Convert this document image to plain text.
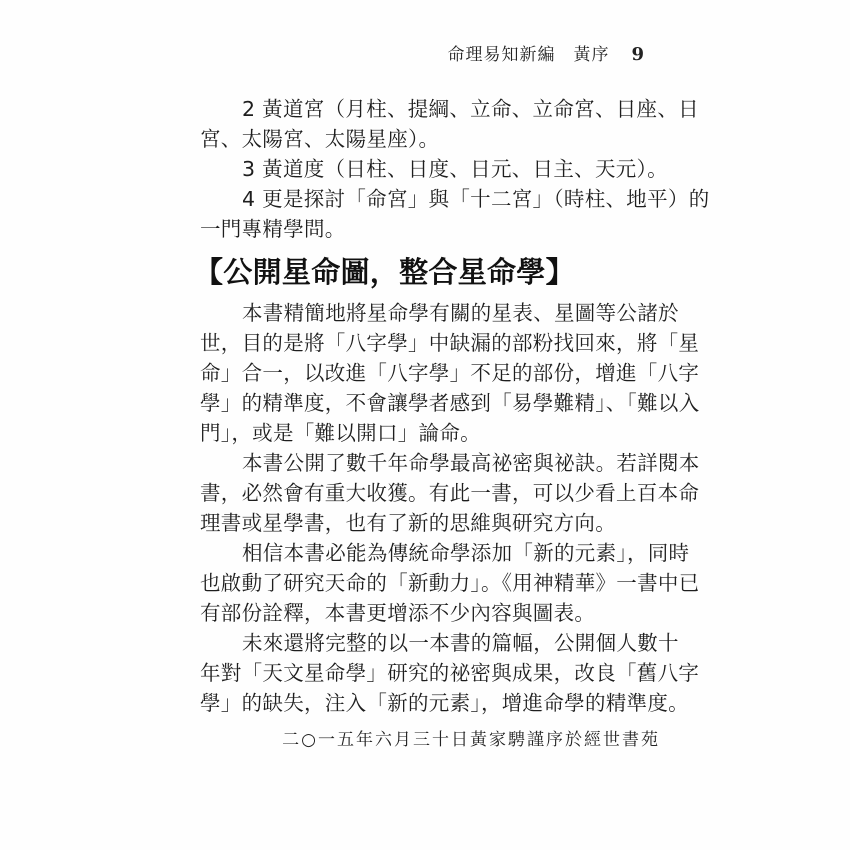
命理易知新編 黃序 9
2 黃道宮（月柱、提綱、立命、立命宮、日座、日
宮、太陽宮、太陽星座）。
3 黃道度（日柱、日度、日元、日主、天元）。
4 更是探討「命宮」與「十二宮」（時柱、地平）的
一門專精學問。
【公開星命圖，整合星命學】
本書精簡地將星命學有關的星表、星圖等公諸於
世，目的是將「八字學」中缺漏的部粉找回來，將「星
命」合一，以改進「八字學」不足的部份，增進「八字
學」的精準度，不會讓學者感到「易學難精」、「難以入
門」，或是「難以開口」論命。
本書公開了數千年命學最高祕密與祕訣。若詳閱本
書，必然會有重大收獲。有此一書，可以少看上百本命
理書或星學書，也有了新的思維與研究方向。
相信本書必能為傳統命學添加「新的元素」，同時
也啟動了研究天命的「新動力」。《用神精華》一書中已
有部份詮釋，本書更增添不少內容與圖表。
未來還將完整的以一本書的篇幅，公開個人數十
年對「天文星命學」研究的祕密與成果，改良「舊八字
學」的缺失，注入「新的元素」，增進命學的精準度。
二○一五年六月三十日黃家騁謹序於經世書苑
